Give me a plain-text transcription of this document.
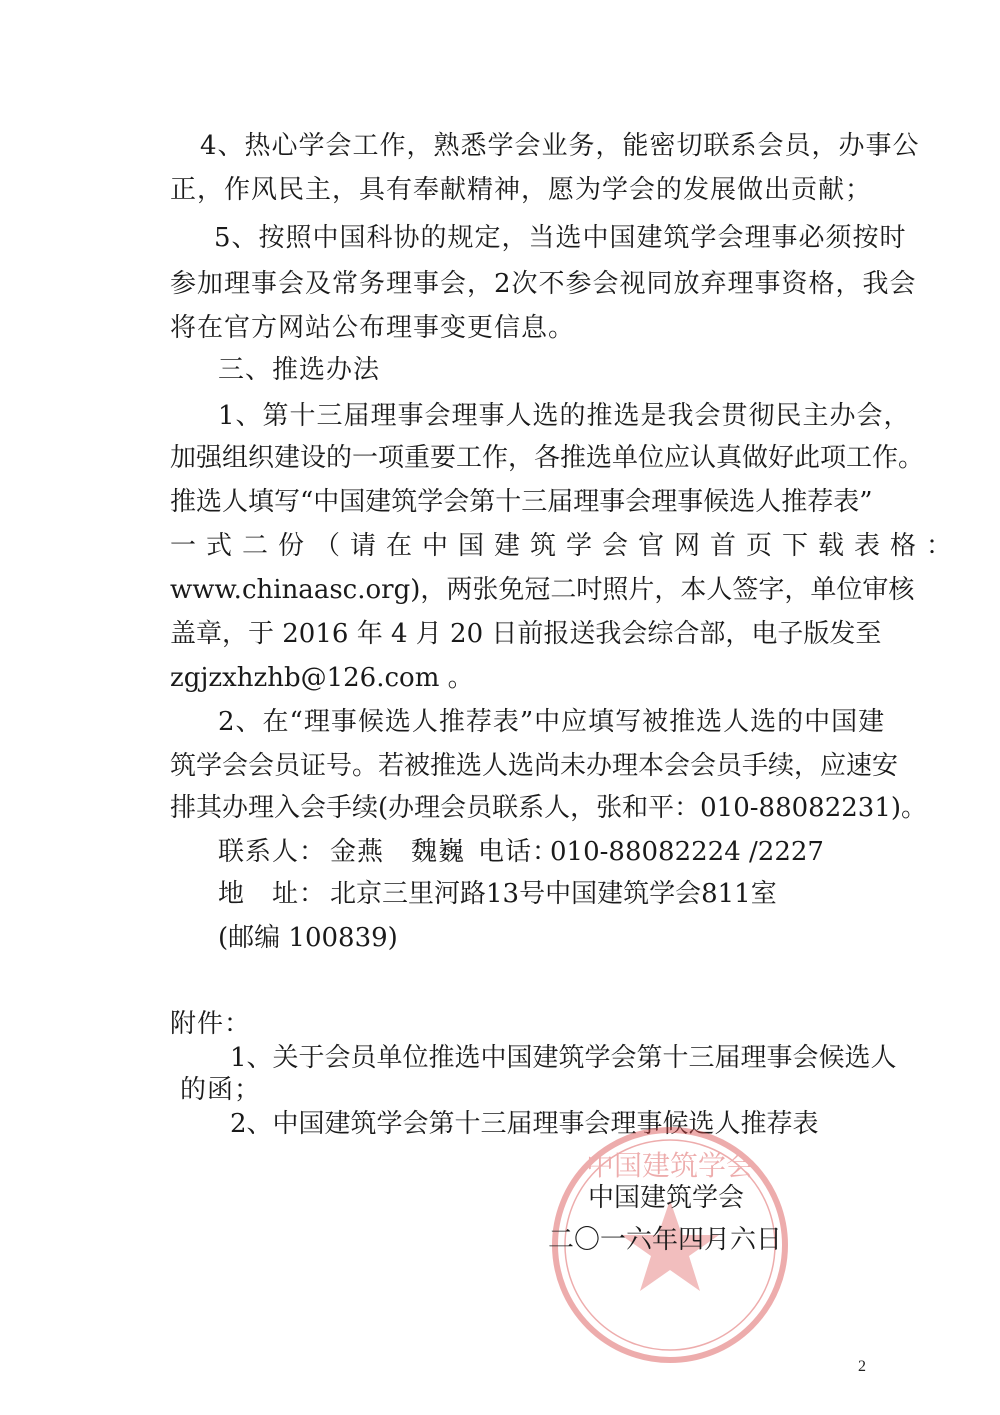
4、热心学会工作，熟悉学会业务，能密切联系会员，办事公
正，作风民主，具有奉献精神，愿为学会的发展做出贡献；
5、按照中国科协的规定，当选中国建筑学会理事必须按时
参加理事会及常务理事会，2次不参会视同放弃理事资格，我会
将在官方网站公布理事变更信息。
三、推选办法
1、第十三届理事会理事人选的推选是我会贯彻民主办会，
加强组织建设的一项重要工作，各推选单位应认真做好此项工作。
推选人填写“中国建筑学会第十三届理事会理事候选人推荐表”
一式二份（请在中国建筑学会官网首页下载表格：
www.chinaasc.org)，两张免冠二吋照片，本人签字，单位审核
盖章，于 2016 年 4 月 20 日前报送我会综合部，电子版发至
zgjzxhzhb@126.com 。
2、在“理事候选人推荐表”中应填写被推选人选的中国建
筑学会会员证号。若被推选人选尚未办理本会会员手续，应速安
排其办理入会手续(办理会员联系人，张和平：010-88082231)。
联系人： 金燕　魏巍 电话：
010-88082224 /2227
地　址： 北京三里河路13号中国建筑学会811室
(邮编 100839)
附件：
1、关于会员单位推选中国建筑学会第十三届理事会候选人
的函；
2、中国建筑学会第十三届理事会理事候选人推荐表
中国建筑学会
中国建筑学会
二〇一六年四月六日
2
